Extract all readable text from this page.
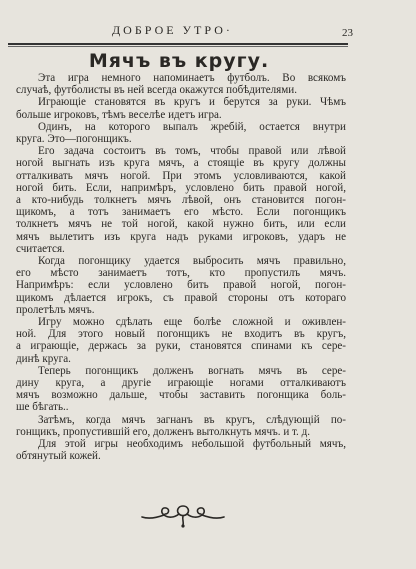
ДОБРОЕ УТРО·	23
Мячъ въ кругу.
Эта игра немного напоминаетъ футболъ. Во всякомъ
случаѣ, футболисты въ ней всегда окажутся побѣдителями.
Играющіе становятся въ кругъ и берутся за руки. Чѣмъ
больше игроковъ, тѣмъ веселѣе идетъ игра.
Одинъ, на которого выпалъ жребій, остается внутри
круга. Это—погонщикъ.
Его задача состоитъ въ томъ, чтобы правой или лѣвой
ногой выгнать изъ круга мячъ, а стоящіе въ кругу должны
отталкивать мячъ ногой. При этомъ условливаются, какой
ногой бить. Если, напримѣръ, условлено бить правой ногой,
а кто-нибудь толкнетъ мячъ лѣвой, онъ становится погон-
щикомъ, а тотъ занимаетъ его мѣсто. Если погонщикъ
толкнетъ мячъ не той ногой, какой нужно бить, или если
мячъ вылетитъ изъ круга надъ руками игроковъ, ударъ не
считается.
Когда погонщику удается выбросить мячъ правильно,
его мѣсто занимаетъ тотъ, кто пропустилъ мячъ.
Напримѣръ: если условлено бить правой ногой, погон-
щикомъ дѣлается игрокъ, съ правой стороны отъ котораго
пролетѣлъ мячъ.
Игру можно сдѣлать еще болѣе сложной и оживлен-
ной. Для этого новый погонщикъ не входитъ въ кругъ,
а играющіе, держась за руки, становятся спинами къ сере-
динѣ круга.
Теперь погонщикъ долженъ вогнать мячъ въ сере-
дину круга, а другіе играющіе ногами отталкиваютъ
мячъ возможно дальше, чтобы заставить погонщика боль-
ше бѣгать..
Затѣмъ, когда мячъ загнанъ въ кругъ, слѣдующій по-
гонщикъ, пропустившій его, долженъ вытолкнуть мячъ. и т. д.
Для этой игры необходимъ небольшой футбольный мячъ,
обтянутый кожей.
